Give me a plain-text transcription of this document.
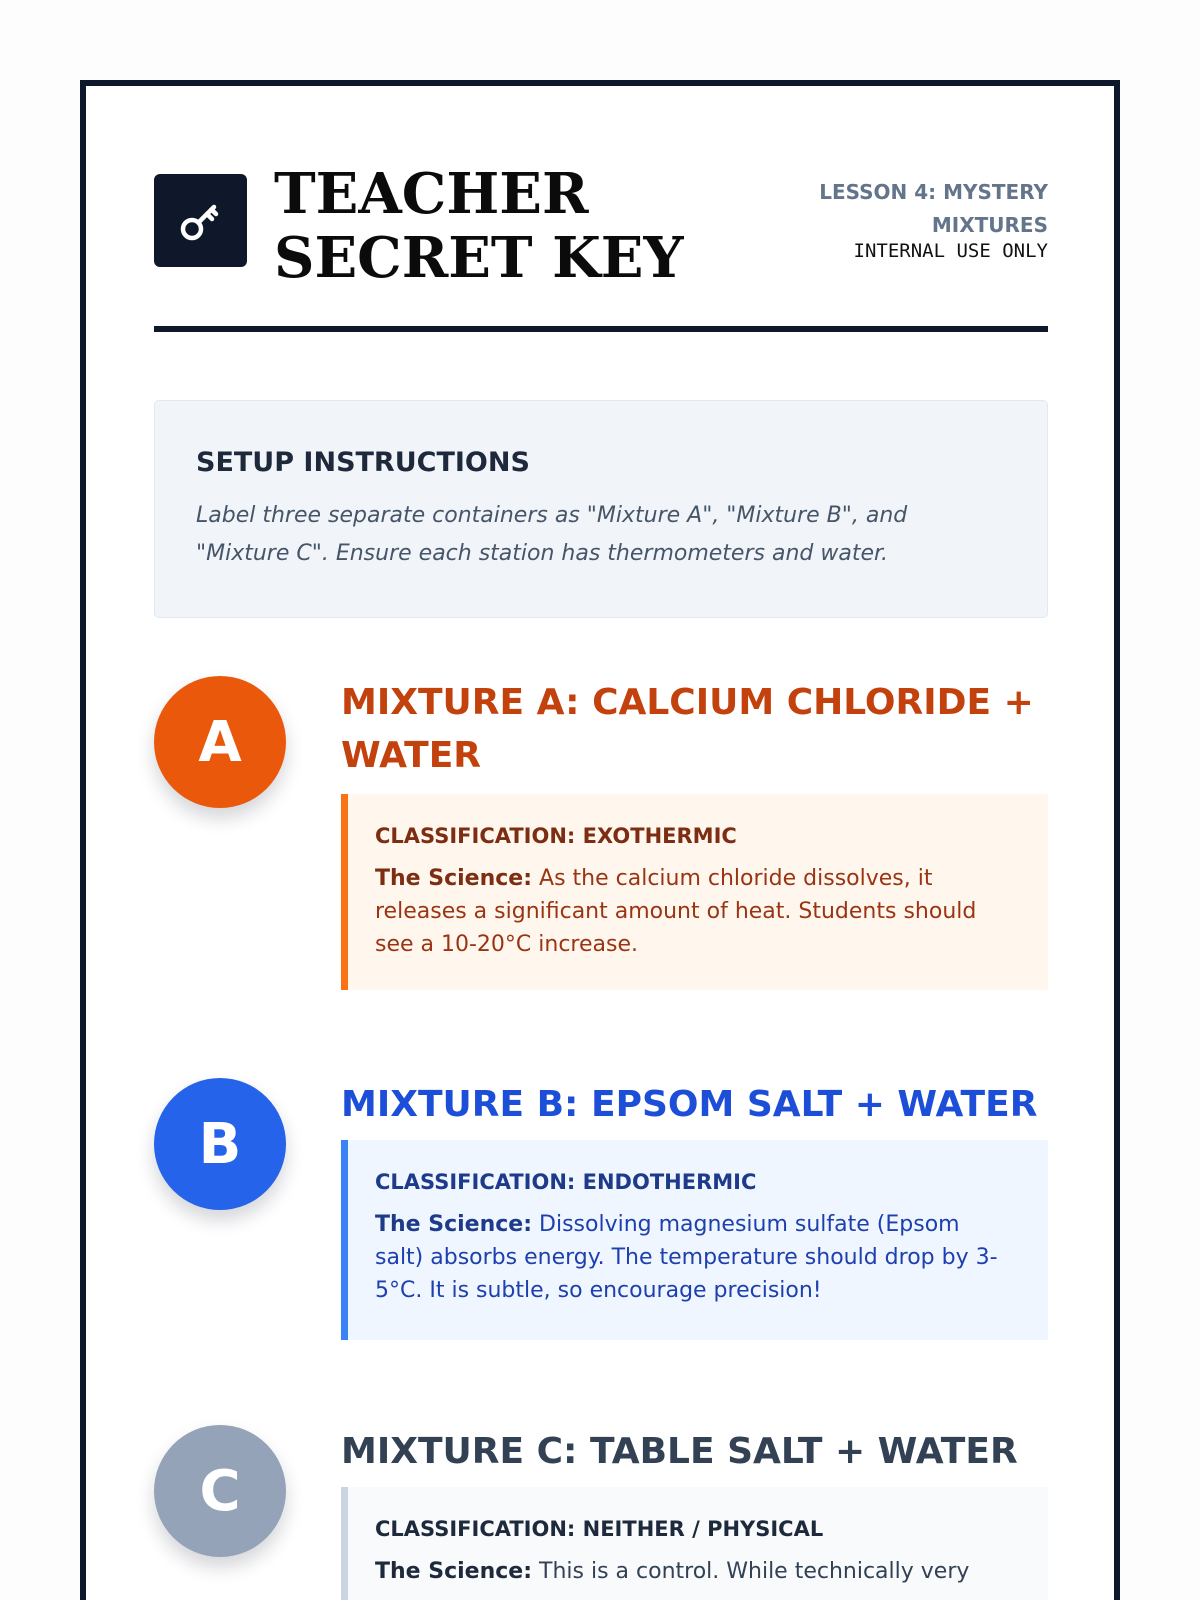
TEACHER
SECRET KEY
LESSON 4: MYSTERY MIXTURES
INTERNAL USE ONLY
SETUP INSTRUCTIONS

Label three separate containers as "Mixture A", "Mixture B", and "Mixture C". Ensure each station has thermometers and water.

A
MIXTURE A: CALCIUM CHLORIDE + WATER

CLASSIFICATION: EXOTHERMIC

The Science: As the calcium chloride dissolves, it releases a significant amount of heat. Students should see a 10-20°C increase.

B
MIXTURE B: EPSOM SALT + WATER

CLASSIFICATION: ENDOTHERMIC

The Science: Dissolving magnesium sulfate (Epsom salt) absorbs energy. The temperature should drop by 3-5°C. It is subtle, so encourage precision!

C
MIXTURE C: TABLE SALT + WATER

CLASSIFICATION: NEITHER / PHYSICAL

The Science: This is a control. While technically very
